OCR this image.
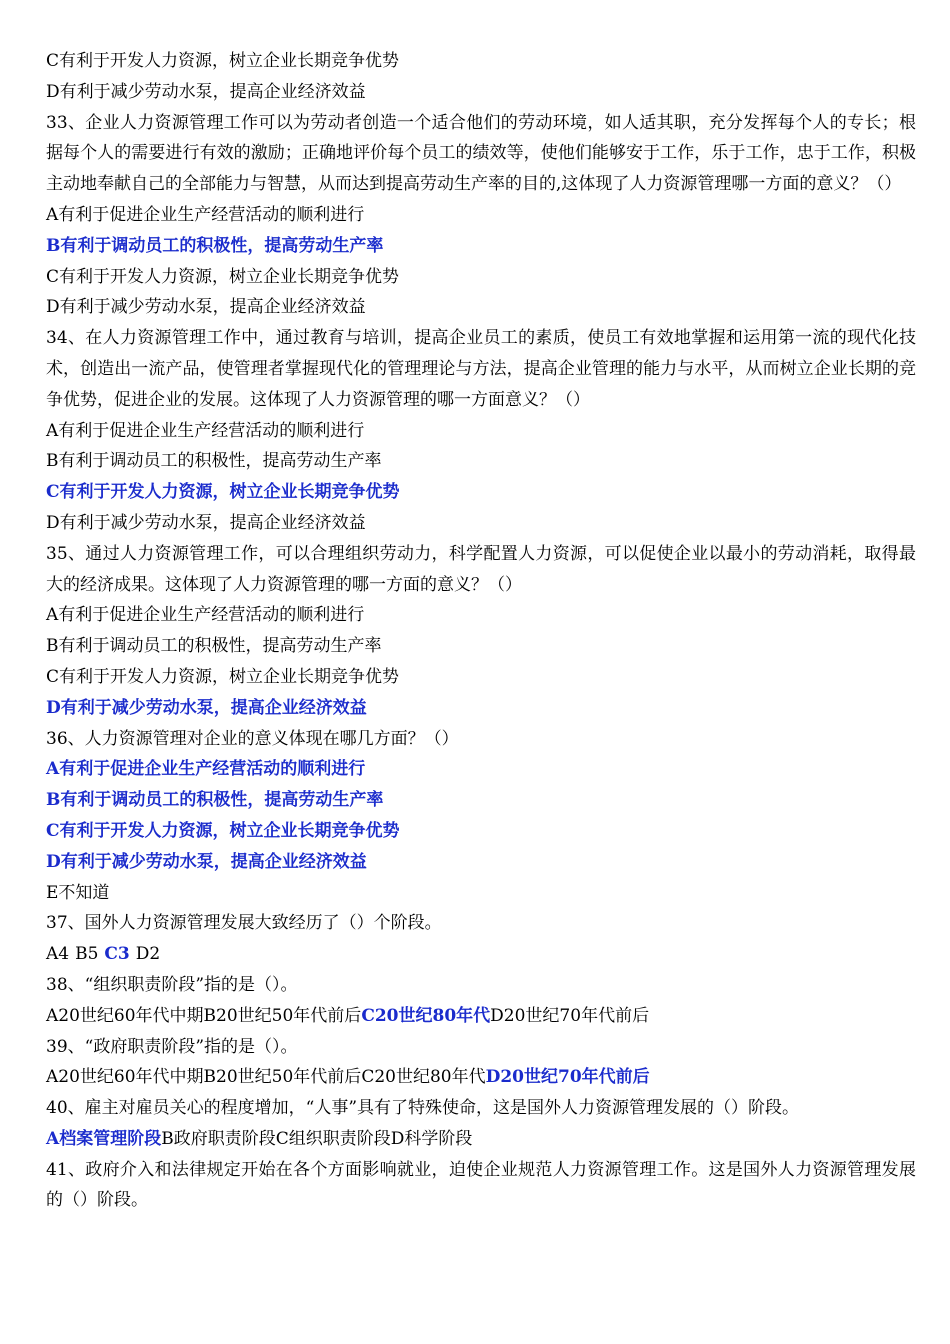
C有利于开发人力资源，树立企业长期竞争优势
D有利于减少劳动水泵，提高企业经济效益
33、企业人力资源管理工作可以为劳动者创造一个适合他们的劳动环境，如人适其职，充分发挥每个人的专长；根据每个人的需要进行有效的激励；正确地评价每个员工的绩效等，使他们能够安于工作，乐于工作，忠于工作，积极主动地奉献自己的全部能力与智慧，从而达到提高劳动生产率的目的,这体现了人力资源管理哪一方面的意义？（）
A有利于促进企业生产经营活动的顺利进行
B有利于调动员工的积极性，提高劳动生产率
C有利于开发人力资源，树立企业长期竞争优势
D有利于减少劳动水泵，提高企业经济效益
34、在人力资源管理工作中，通过教育与培训，提高企业员工的素质，使员工有效地掌握和运用第一流的现代化技术，创造出一流产品，使管理者掌握现代化的管理理论与方法，提高企业管理的能力与水平，从而树立企业长期的竞争优势，促进企业的发展。这体现了人力资源管理的哪一方面意义？（）
A有利于促进企业生产经营活动的顺利进行
B有利于调动员工的积极性，提高劳动生产率
C有利于开发人力资源，树立企业长期竞争优势
D有利于减少劳动水泵，提高企业经济效益
35、通过人力资源管理工作，可以合理组织劳动力，科学配置人力资源，可以促使企业以最小的劳动消耗，取得最大的经济成果。这体现了人力资源管理的哪一方面的意义？（）
A有利于促进企业生产经营活动的顺利进行
B有利于调动员工的积极性，提高劳动生产率
C有利于开发人力资源，树立企业长期竞争优势
D有利于减少劳动水泵，提高企业经济效益
36、人力资源管理对企业的意义体现在哪几方面？（）
A有利于促进企业生产经营活动的顺利进行
B有利于调动员工的积极性，提高劳动生产率
C有利于开发人力资源，树立企业长期竞争优势
D有利于减少劳动水泵，提高企业经济效益
E不知道
37、国外人力资源管理发展大致经历了（）个阶段。
A4 B5 C3 D2
38、“组织职责阶段”指的是（）。
A20世纪60年代中期B20世纪50年代前后C20世纪80年代D20世纪70年代前后
39、“政府职责阶段”指的是（）。
A20世纪60年代中期B20世纪50年代前后C20世纪80年代D20世纪70年代前后
40、雇主对雇员关心的程度增加，“人事”具有了特殊使命，这是国外人力资源管理发展的（）阶段。
A档案管理阶段B政府职责阶段C组织职责阶段D科学阶段
41、政府介入和法律规定开始在各个方面影响就业，迫使企业规范人力资源管理工作。这是国外人力资源管理发展的（）阶段。
